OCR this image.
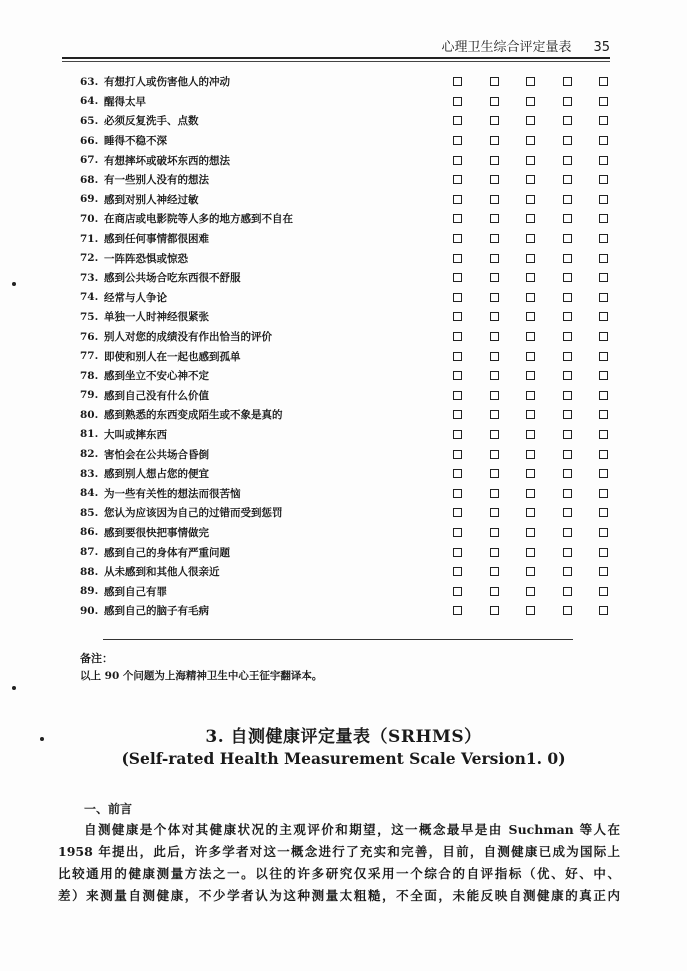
心理卫生综合评定量表 35
63. 有想打人或伤害他人的冲动
64. 醒得太早
65. 必须反复洗手、点数
66. 睡得不稳不深
67. 有想摔坏或破坏东西的想法
68. 有一些别人没有的想法
69. 感到对别人神经过敏
70. 在商店或电影院等人多的地方感到不自在
71. 感到任何事情都很困难
72. 一阵阵恐惧或惊恐
73. 感到公共场合吃东西很不舒服
74. 经常与人争论
75. 单独一人时神经很紧张
76. 别人对您的成绩没有作出恰当的评价
77. 即使和别人在一起也感到孤单
78. 感到坐立不安心神不定
79. 感到自己没有什么价值
80. 感到熟悉的东西变成陌生或不象是真的
81. 大叫或摔东西
82. 害怕会在公共场合昏倒
83. 感到别人想占您的便宜
84. 为一些有关性的想法而很苦恼
85. 您认为应该因为自己的过错而受到惩罚
86. 感到要很快把事情做完
87. 感到自己的身体有严重问题
88. 从未感到和其他人很亲近
89. 感到自己有罪
90. 感到自己的脑子有毛病
备注：
以上 90 个问题为上海精神卫生中心王征宇翻译本。
3. 自测健康评定量表（SRHMS）
(Self-rated Health Measurement Scale Version1. 0)
一、前言
自测健康是个体对其健康状况的主观评价和期望，这一概念最早是由 Suchman 等人在
1958 年提出，此后，许多学者对这一概念进行了充实和完善，目前，自测健康已成为国际上
比较通用的健康测量方法之一。以往的许多研究仅采用一个综合的自评指标（优、好、中、
差）来测量自测健康，不少学者认为这种测量太粗糙，不全面，未能反映自测健康的真正内
